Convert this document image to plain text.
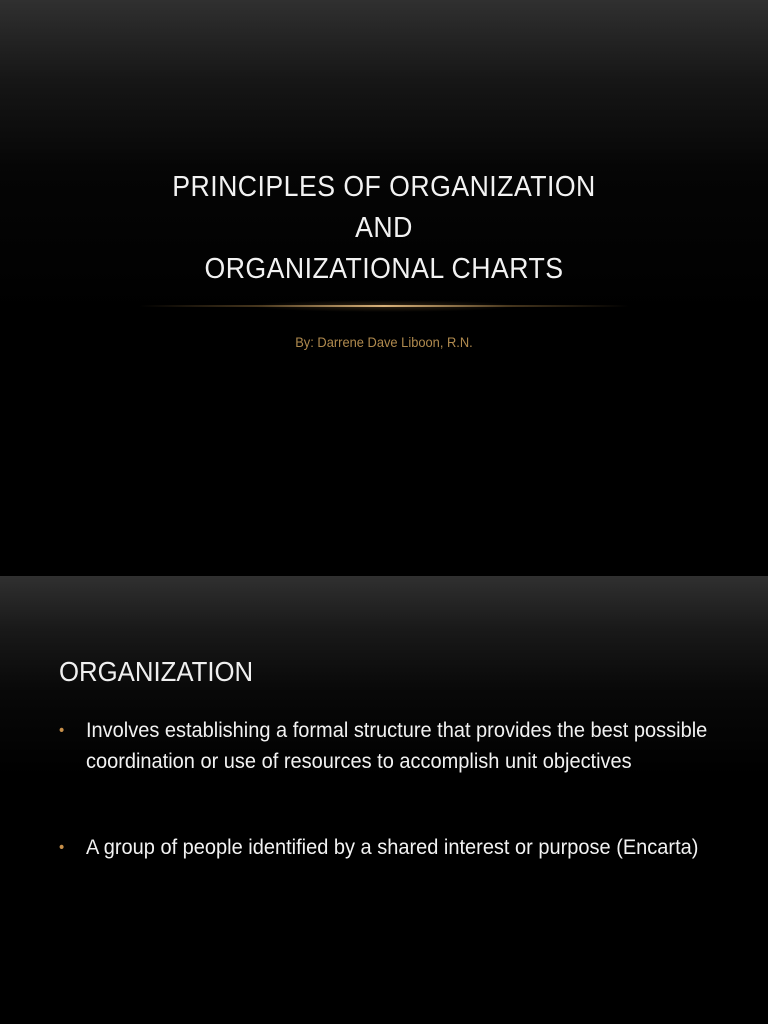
PRINCIPLES OF ORGANIZATION
AND
ORGANIZATIONAL CHARTS
By: Darrene Dave Liboon, R.N.
ORGANIZATION
• Involves establishing a formal structure that provides the best possible coordination or use of resources to accomplish unit objectives
• A group of people identified by a shared interest or purpose (Encarta)
